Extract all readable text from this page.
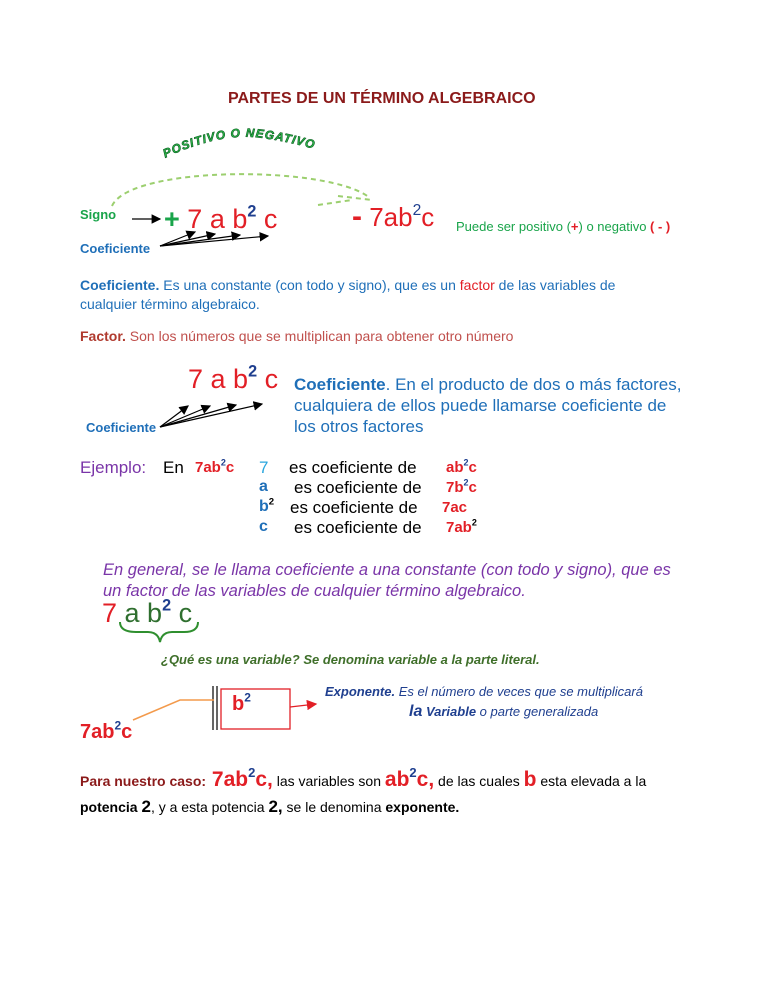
PARTES DE UN TÉRMINO ALGEBRAICO
POSITIVO O NEGATIVO
Signo
Coeficiente
+ 7 a $b^2$ c - $7ab^2c$ Puede ser positivo (+) o negativo ( - )
Coeficiente. Es una constante (con todo y signo), que es un factor de las variables de
cualquier término algebraico.
Factor. Son los números que se multiplican para obtener otro número
7 a $b^2$ c Coeficiente. En el producto de dos o más factores,
cualquiera de ellos puede llamarse coeficiente de
los otros factores
Coeficiente
Ejemplo: En $7ab^2c$ 7 es coeficiente de $ab^2c$
a es coeficiente de $7b^2c$
$b^2$ es coeficiente de 7ac
c es coeficiente de $7ab^2$
En general, se le llama coeficiente a una constante (con todo y signo), que es
un factor de las variables de cualquier término algebraico.
7 a $b^2$ c
¿Qué es una variable? Se denomina variable a la parte literal.
$b^2$
$7ab^2c$
Exponente. Es el número de veces que se multiplicará
la Variable o parte generalizada
Para nuestro caso: $7ab^2c$, las variables son $ab^2c$, de las cuales b esta elevada a la
potencia 2, y a esta potencia 2, se le denomina exponente.
